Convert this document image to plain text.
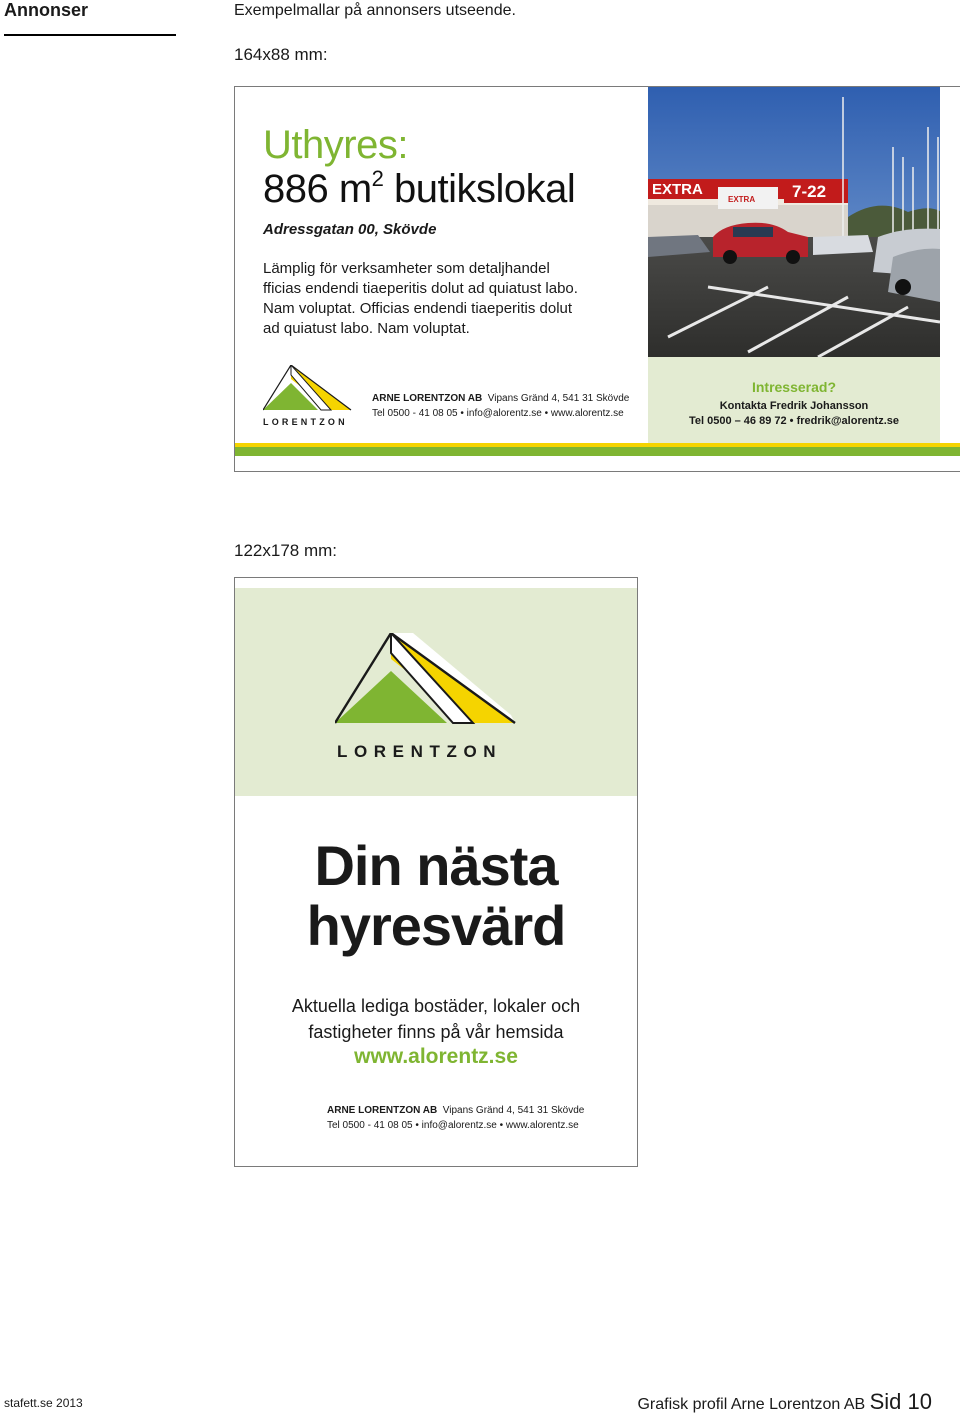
Annonser	Exempelmallar på annonsers utseende.
164x88 mm:
Uthyres:
886 $m^2$ butikslokal
Adressgatan 00, Skövde
Lämplig för verksamheter som detaljhandel
fficias endendi tiaeperitis dolut ad quiatust labo.
Nam voluptat. Officias endendi tiaeperitis dolut
ad quiatust labo. Nam voluptat.
EXTRA	7-22
EXTRA
LORENTZON
ARNE LORENTZON AB Vipans Gränd 4, 541 31 Skövde
Tel 0500 - 41 08 05 • info@alorentz.se • www.alorentz.se
Intresserad?
Kontakta Fredrik Johansson
Tel 0500 – 46 89 72 • fredrik@alorentz.se
122x178 mm:
LORENTZON
Din nästa
hyresvärd
Aktuella lediga bostäder, lokaler och
fastigheter finns på vår hemsida
www.alorentz.se
ARNE LORENTZON AB Vipans Gränd 4, 541 31 Skövde
Tel 0500 - 41 08 05 • info@alorentz.se • www.alorentz.se
stafett.se 2013	Grafisk profil Arne Lorentzon AB Sid 10
